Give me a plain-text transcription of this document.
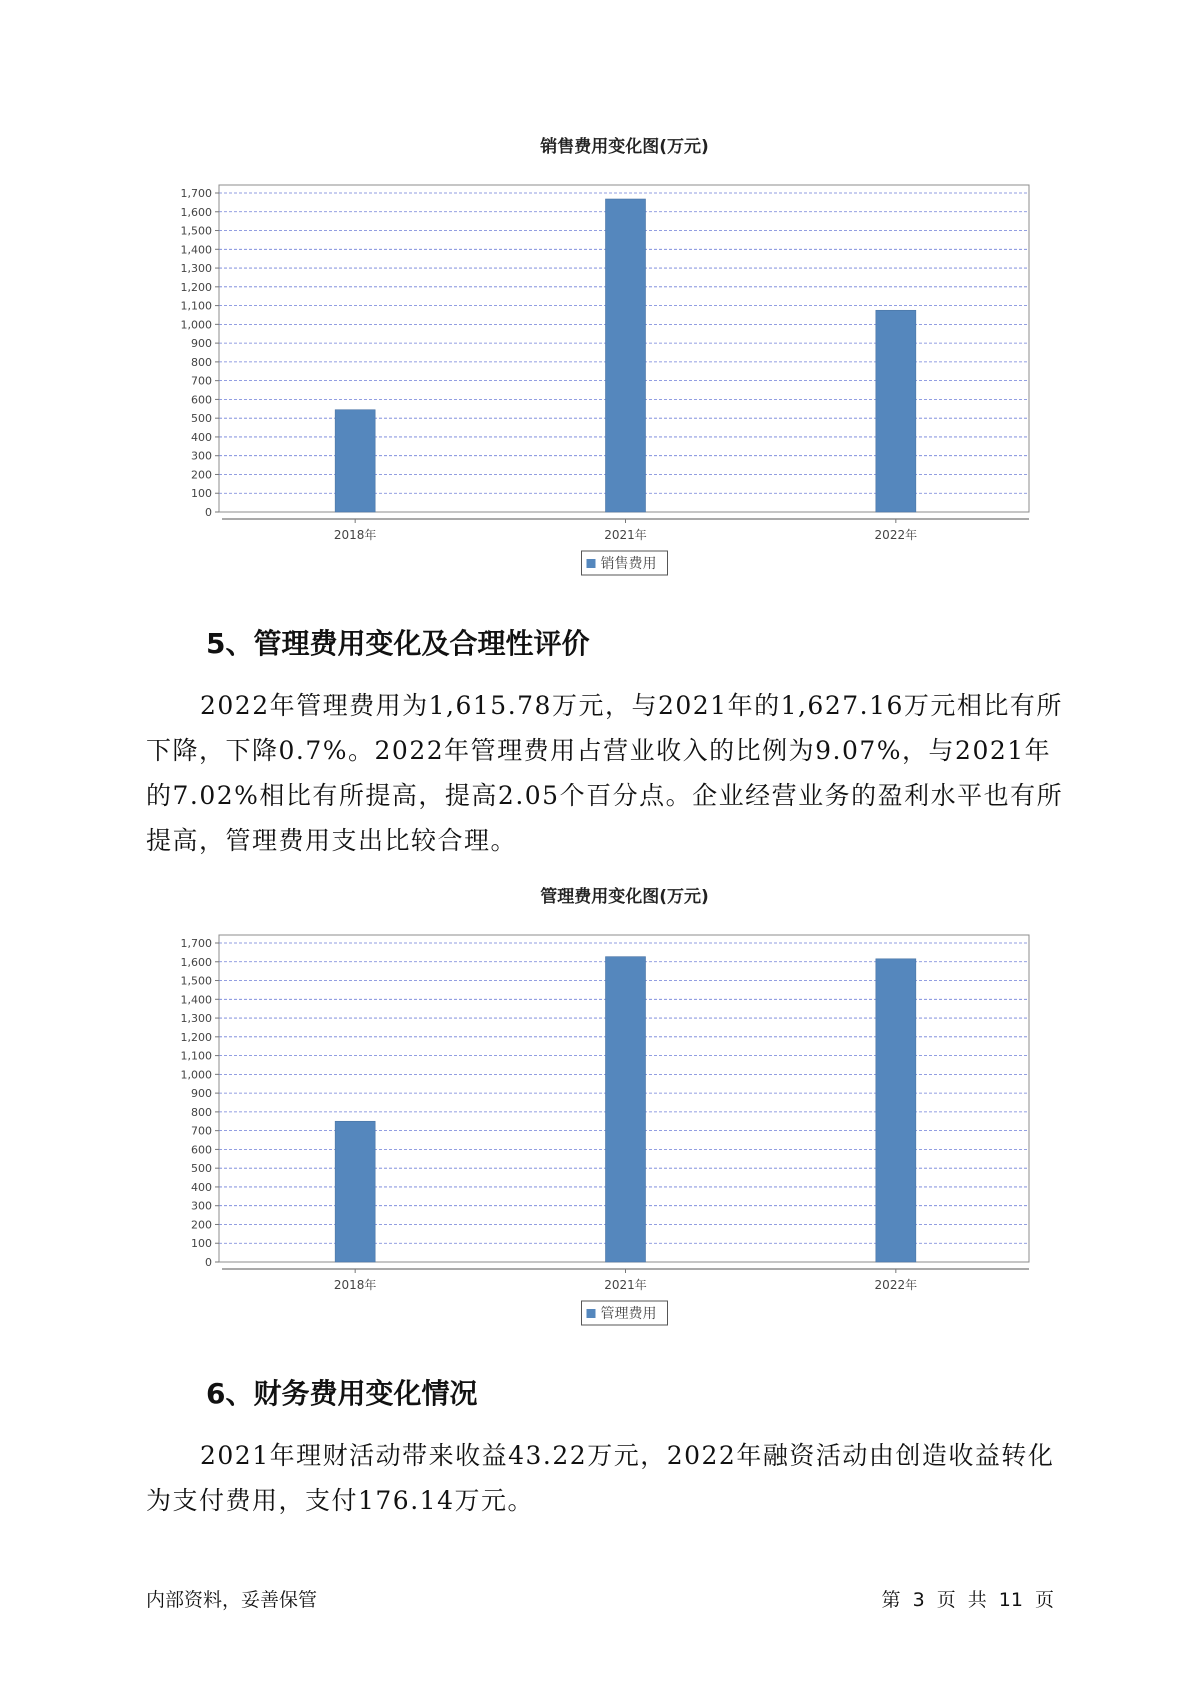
销售费用变化图(万元)
0
100
200
300
400
500
600
700
800
900
1,000
1,100
1,200
1,300
1,400
1,500
1,600
1,700
2018年	2021年	2022年
销售费用
5、管理费用变化及合理性评价

2022年管理费用为1,615.78万元，与2021年的1,627.16万元相比有所下降，下降0.7%。2022年管理费用占营业收入的比例为9.07%，与2021年的7.02%相比有所提高，提高2.05个百分点。企业经营业务的盈利水平也有所提高，管理费用支出比较合理。

管理费用变化图(万元)
0
100
200
300
400
500
600
700
800
900
1,000
1,100
1,200
1,300
1,400
1,500
1,600
1,700
2018年	2021年	2022年
管理费用
6、财务费用变化情况

2021年理财活动带来收益43.22万元，2022年融资活动由创造收益转化为支付费用，支付176.14万元。

内部资料，妥善保管	第 3 页 共 11 页
